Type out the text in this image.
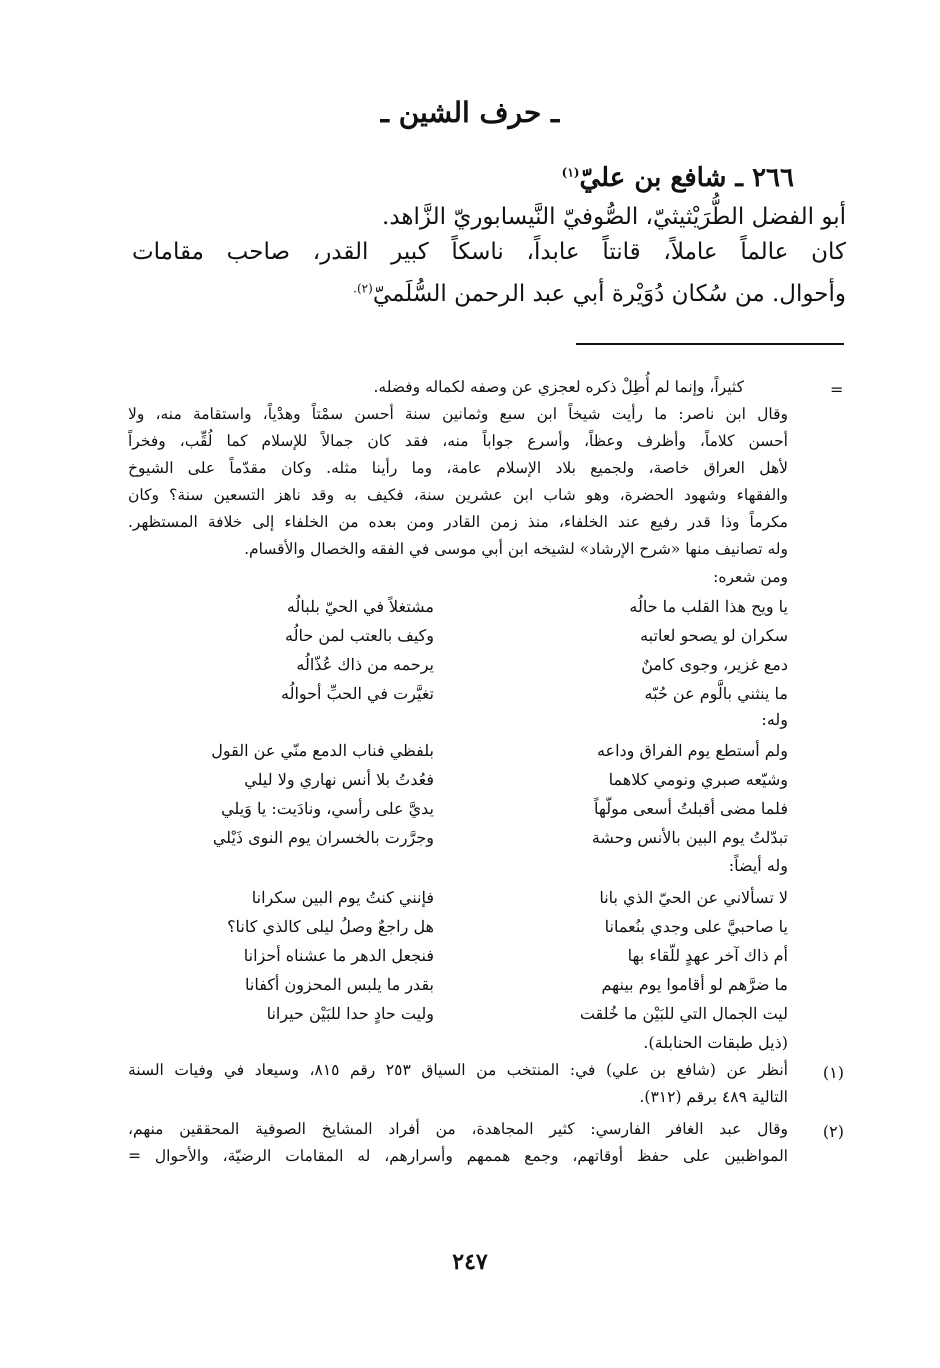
ـ حرف الشين ـ
٢٦٦ ـ شافع بن عليّ$^{(١)}$
أبو الفضل الطُّرَيْثيثيّ، الصُّوفيّ النَّيسابوريّ الزَّاهد.
كان عالماً عاملاً، قانتاً عابداً، ناسكاً كبير القدر، صاحب مقامات
وأحوال. من سُكان دُوَيْرة أبي عبد الرحمن السُّلَميّ$^{(٢).}$
=
كثيراً، وإنما لم أُطِلْ ذكره لعجزي عن وصفه لكماله وفضله.
وقال ابن ناصر: ما رأيت شيخاً ابن سبع وثمانين سنة أحسن سمْتاً وهدْياً، واستقامة منه، ولا
أحسن كلاماً، وأظرف وعظاً، وأسرع جواباً منه، فقد كان جمالاً للإسلام كما لُقِّب، وفخراً
لأهل العراق خاصة، ولجميع بلاد الإسلام عامة، وما رأينا مثله. وكان مقدّماً على الشيوخ
والفقهاء وشهود الحضرة، وهو شاب ابن عشرين سنة، فكيف به وقد ناهز التسعين سنة؟ وكان
مكرماً وذا قدر رفيع عند الخلفاء، منذ زمن القادر ومن بعده من الخلفاء إلى خلافة المستظهر.
وله تصانيف منها «شرح الإرشاد» لشيخه ابن أبي موسى في الفقه والخصال والأقسام.
ومن شعره:
يا ويح هذا القلب ما حالُه
مشتغلاً في الحيّ بلبالُه
سكران لو يصحو لعاتبه
وكيف بالعتب لمن حالُه
دمع غزير، وجوى كامنٌ
يرحمه من ذاك عُذّالُه
ما ينثني بالَّوم عن حُبّه
تغيَّرت في الحبِّ أحوالُه
وله:
ولم أستطع يوم الفراق وداعه
بلفظي فناب الدمع منّي عن القول
وشيّعه صبري ونومي كلاهما
فعُدتُ بلا أنس نهاري ولا ليلي
فلما مضى أقبلتُ أسعى مولّهاً
يديَّ على رأسي، ونادَيت: يا وَيلي
تبدّلتُ يوم البين بالأنس وحشة
وجرَّرت بالخسران يوم النوى ذَيْلي
وله أيضاً:
لا تسألاني عن الحيّ الذي بانا
فإنني كنتُ يوم البين سكرانا
يا صاحبيَّ على وجدي بنُعمانا
هل راجعٌ وصلُ ليلى كالذي كانا؟
أم ذاك آخر عهدٍ للّقاء بها
فنجعل الدهر ما عشناه أحزانا
ما ضرَّهم لو أقاموا يوم بينهم
بقدر ما يلبس المحزون أكفانا
ليت الجمال التي للبَيْن ما خُلقت
وليت حادٍ حدا للبَيْن حيرانا
(ذيل طبقات الحنابلة).
(١)
أنظر عن (شافع بن علي) في: المنتخب من السياق ٢٥٣ رقم ٨١٥، وسيعاد في وفيات السنة
التالية ٤٨٩ برقم (٣١٢).
(٢)
وقال عبد الغافر الفارسي: كثير المجاهدة، من أفراد المشايخ الصوفية المحققين منهم،
المواظبين على حفظ أوقاتهم، وجمع هممهم وأسرارهم، له المقامات الرضيّة، والأحوال =
٢٤٧
